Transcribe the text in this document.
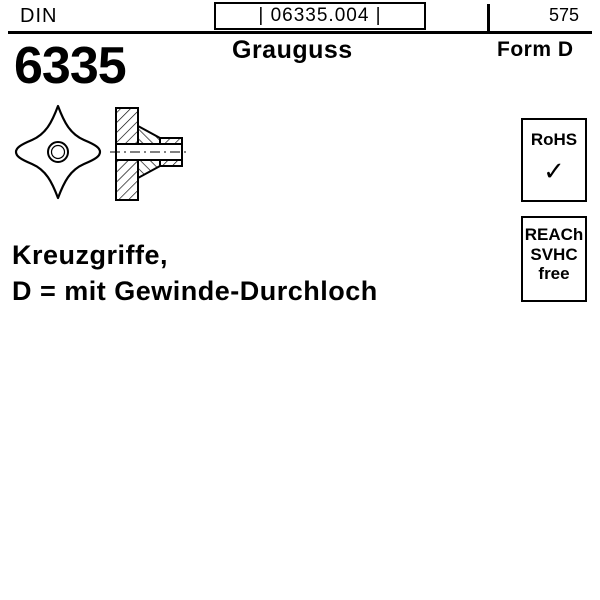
DIN	| 06335.004 |	575
6335	Grauguss	Form D
Kreuzgriffe,
D = mit Gewinde-Durchloch
RoHS
✓
REACh
SVHC
free
